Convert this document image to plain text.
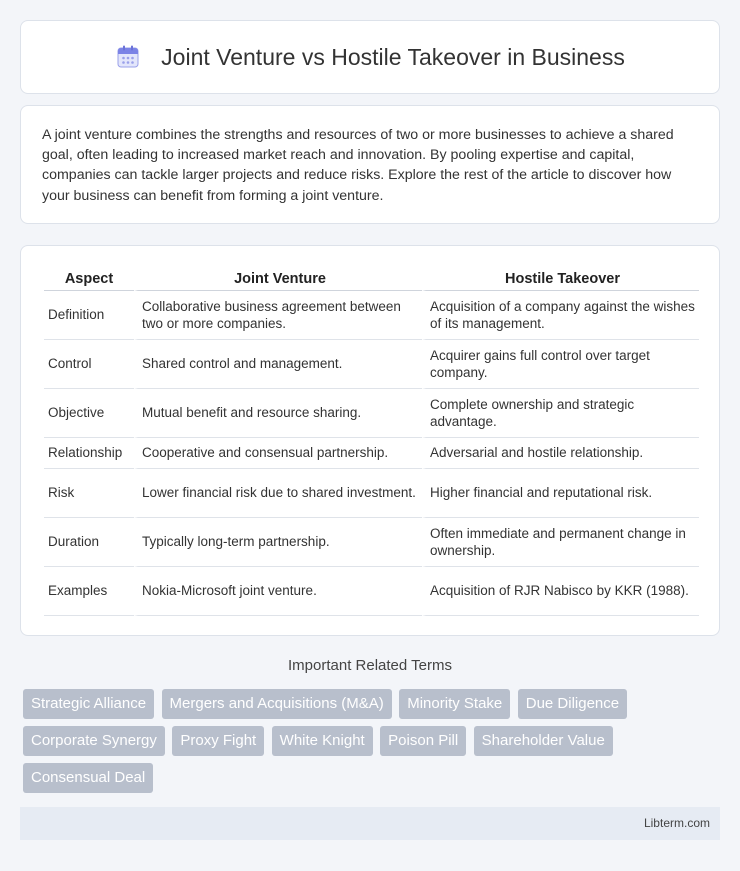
Joint Venture vs Hostile Takeover in Business

A joint venture combines the strengths and resources of two or more businesses to achieve a shared goal, often leading to increased market reach and innovation. By pooling expertise and capital, companies can tackle larger projects and reduce risks. Explore the rest of the article to discover how your business can benefit from forming a joint venture.

Aspect	Joint Venture	Hostile Takeover
Definition	Collaborative business agreement between two or more companies.	Acquisition of a company against the wishes of its management.
Control	Shared control and management.	Acquirer gains full control over target company.
Objective	Mutual benefit and resource sharing.	Complete ownership and strategic advantage.
Relationship	Cooperative and consensual partnership.	Adversarial and hostile relationship.
Risk	Lower financial risk due to shared investment.	Higher financial and reputational risk.
Duration	Typically long-term partnership.	Often immediate and permanent change in ownership.
Examples	Nokia-Microsoft joint venture.	Acquisition of RJR Nabisco by KKR (1988).
Important Related Terms
Strategic Alliance Mergers and Acquisitions (M&A) Minority Stake Due Diligence Corporate Synergy Proxy Fight White Knight Poison Pill Shareholder Value Consensual Deal
Libterm.com
